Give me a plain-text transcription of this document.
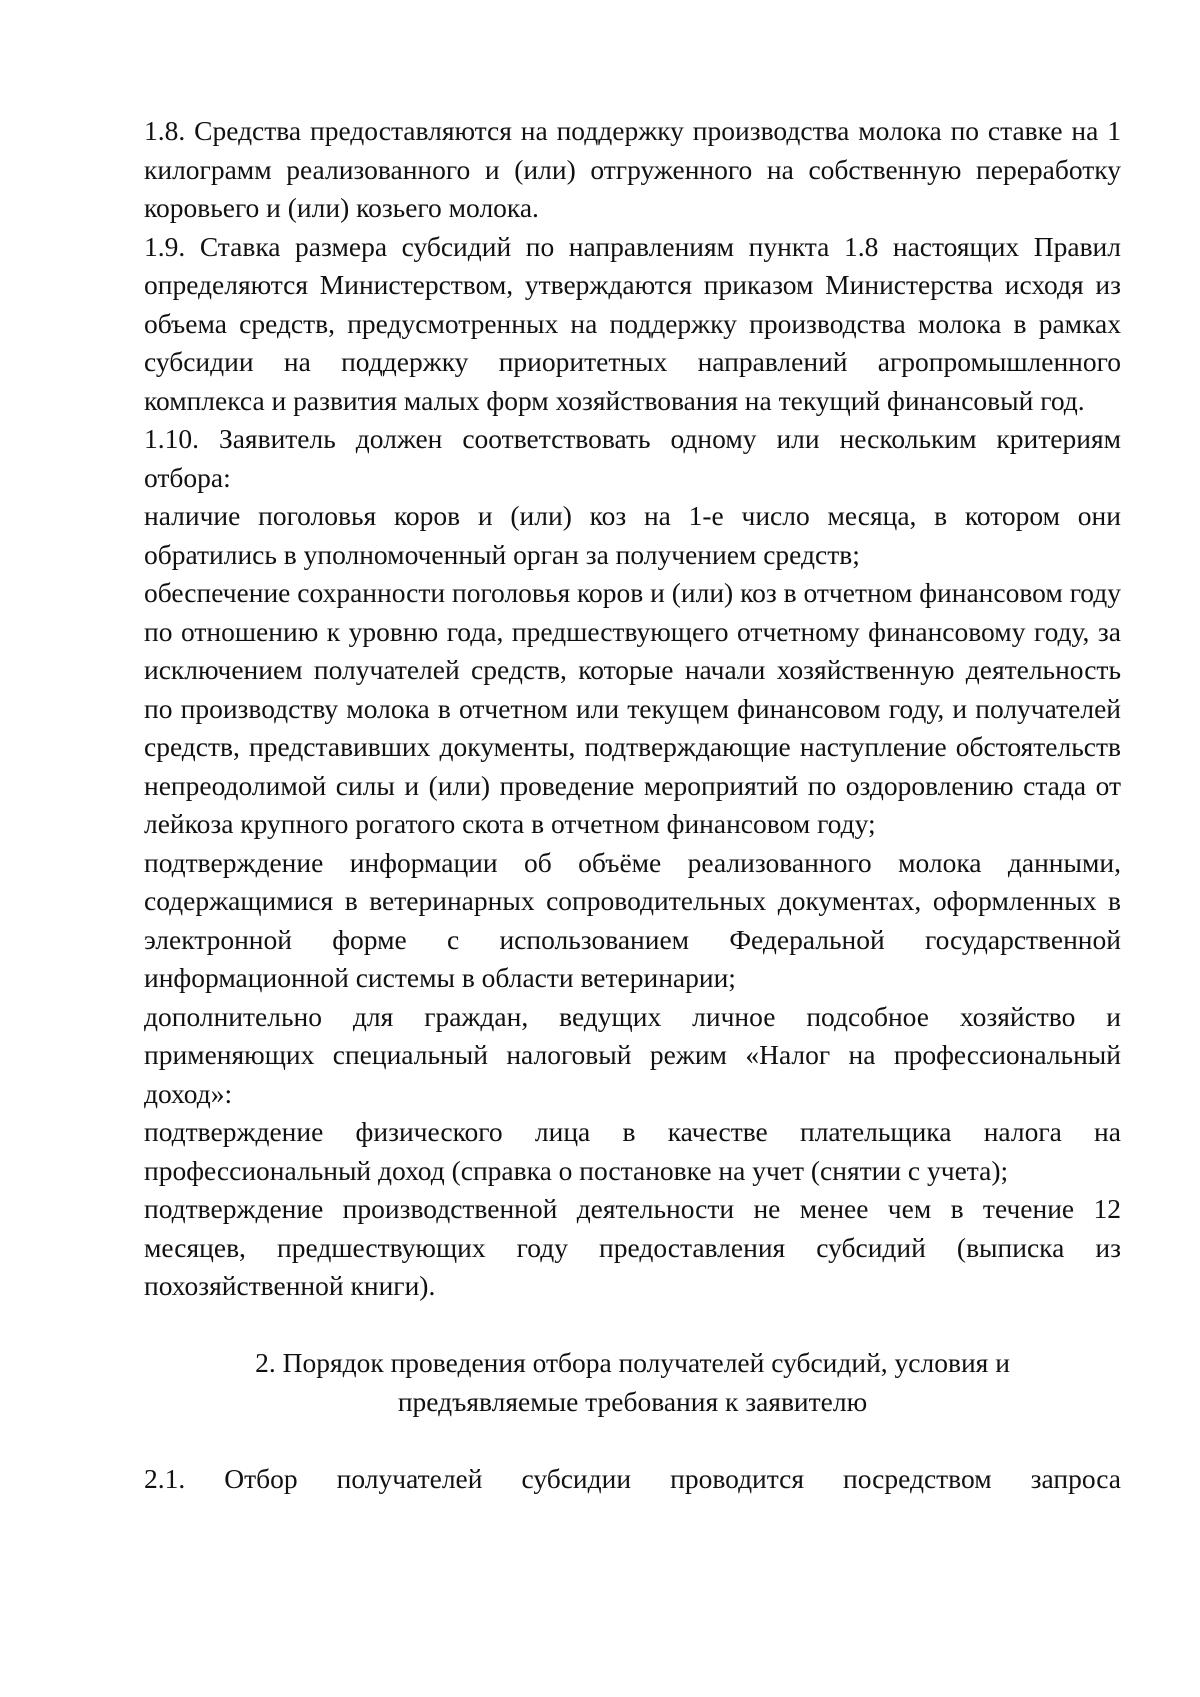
1.8. Средства предоставляются на поддержку производства молока по ставке на 1 килограмм реализованного и (или) отгруженного на собственную переработку коровьего и (или) козьего молока.

1.9. Ставка размера субсидий по направлениям пункта 1.8 настоящих Правил определяются Министерством, утверждаются приказом Министерства исходя из объема средств, предусмотренных на поддержку производства молока в рамках субсидии на поддержку приоритетных направлений агропромышленного комплекса и развития малых форм хозяйствования на текущий финансовый год.

1.10. Заявитель должен соответствовать одному или нескольким критериям отбора:

наличие поголовья коров и (или) коз на 1-е число месяца, в котором они обратились в уполномоченный орган за получением средств;

обеспечение сохранности поголовья коров и (или) коз в отчетном финансовом году по отношению к уровню года, предшествующего отчетному финансовому году, за исключением получателей средств, которые начали хозяйственную деятельность по производству молока в отчетном или текущем финансовом году, и получателей средств, представивших документы, подтверждающие наступление обстоятельств непреодолимой силы и (или) проведение мероприятий по оздоровлению стада от лейкоза крупного рогатого скота в отчетном финансовом году;

подтверждение информации об объёме реализованного молока данными, содержащимися в ветеринарных сопроводительных документах, оформленных в электронной форме с использованием Федеральной государственной информационной системы в области ветеринарии;

дополнительно для граждан, ведущих личное подсобное хозяйство и применяющих специальный налоговый режим «Налог на профессиональный доход»:

подтверждение физического лица в качестве плательщика налога на профессиональный доход (справка о постановке на учет (снятии с учета);

подтверждение производственной деятельности не менее чем в течение 12 месяцев, предшествующих году предоставления субсидий (выписка из похозяйственной книги).

2. Порядок проведения отбора получателей субсидий, условия и
предъявляемые требования к заявителю

2.1. Отбор получателей субсидии проводится посредством запроса
